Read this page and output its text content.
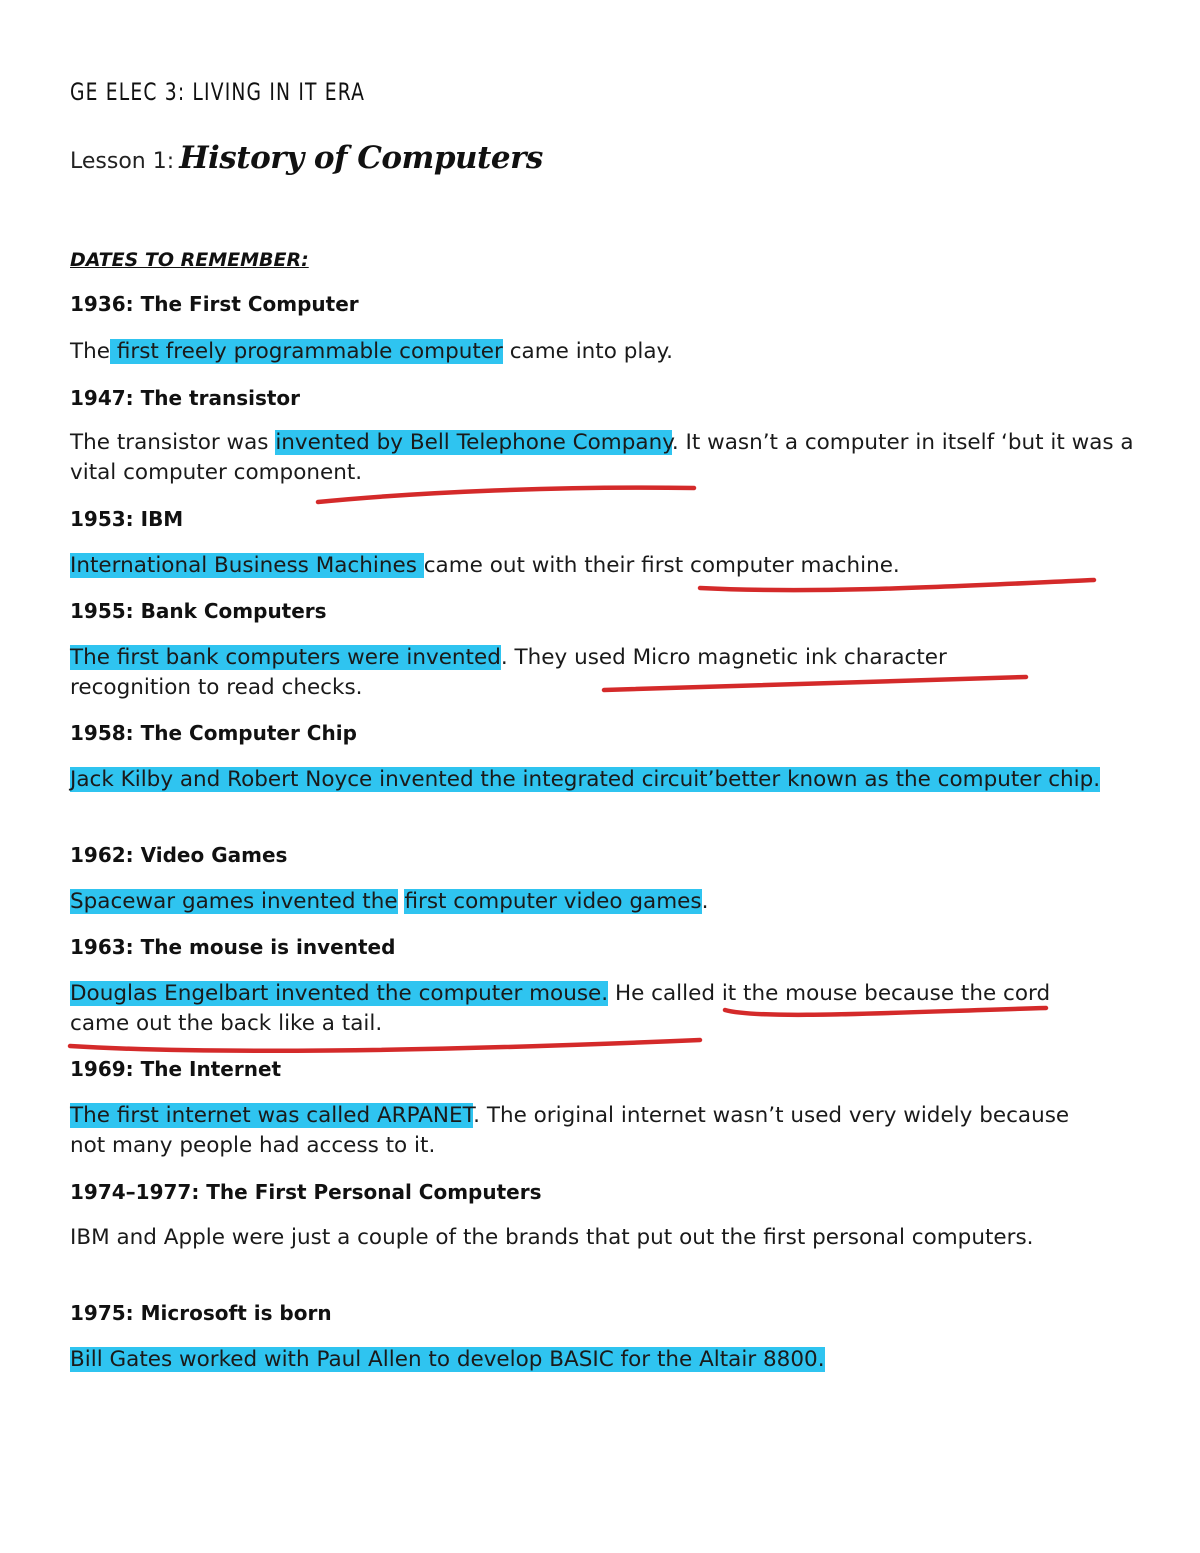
GE ELEC 3: LIVING IN IT ERA
Lesson 1: History of Computers
DATES TO REMEMBER:
1936: The First Computer
The first freely programmable computer came into play.
1947: The transistor
The transistor was invented by Bell Telephone Company. It wasn’t a computer in itself ‘but it was a vital computer component.
1953: IBM
International Business Machines came out with their first computer machine.
1955: Bank Computers
The first bank computers were invented. They used Micro magnetic ink character recognition to read checks.
1958: The Computer Chip
Jack Kilby and Robert Noyce invented the integrated circuit’better known as the computer chip.
1962: Video Games
Spacewar games invented the first computer video games.
1963: The mouse is invented
Douglas Engelbart invented the computer mouse. He called it the mouse because the cord came out the back like a tail.
1969: The Internet
The first internet was called ARPANET. The original internet wasn’t used very widely because not many people had access to it.
1974–1977: The First Personal Computers
IBM and Apple were just a couple of the brands that put out the first personal computers.
1975: Microsoft is born
Bill Gates worked with Paul Allen to develop BASIC for the Altair 8800.
